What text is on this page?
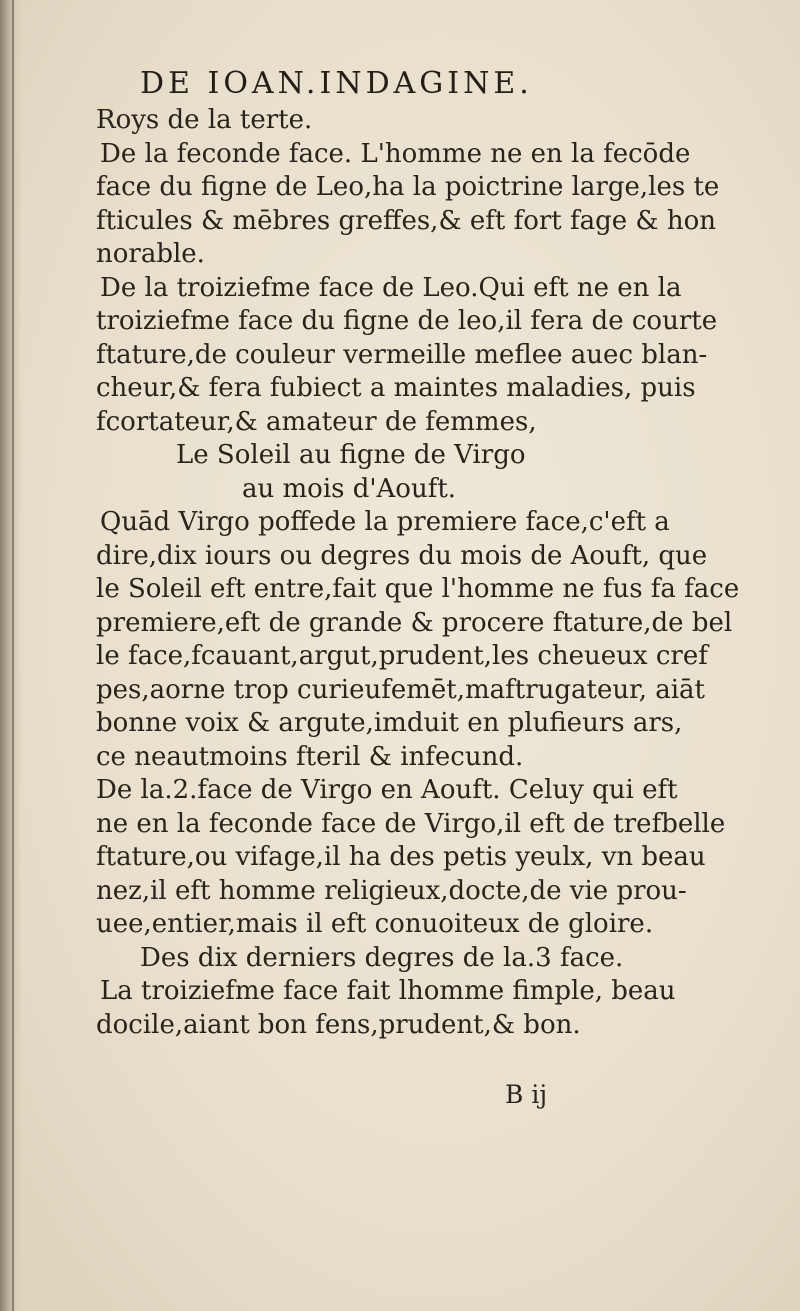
DE IOAN.INDAGINE.
Roys de la terte.
De la feconde face. L'homme ne en la fecōde
face du figne de Leo,ha la poictrine large,les te
fticules & mēbres greffes,& eft fort fage & hon
norable.
De la troiziefme face de Leo.Qui eft ne en la
troiziefme face du figne de leo,il fera de courte
ftature,de couleur vermeille meflee auec blan-
cheur,& fera fubiect a maintes maladies, puis
fcortateur,& amateur de femmes,
Le Soleil au figne de Virgo
au mois d'Aouft.
Quād Virgo poffede la premiere face,c'eft a
dire,dix iours ou degres du mois de Aouft, que
le Soleil eft entre,fait que l'homme ne fus fa face
premiere,eft de grande & procere ftature,de bel
le face,fcauant,argut,prudent,les cheueux cref
pes,aorne trop curieufemēt,maftrugateur, aiāt
bonne voix & argute,imduit en plufieurs ars,
ce neautmoins fteril & infecund.
De la.2.face de Virgo en Aouft. Celuy qui eft
ne en la feconde face de Virgo,il eft de trefbelle
ftature,ou vifage,il ha des petis yeulx, vn beau
nez,il eft homme religieux,docte,de vie prou-
uee,entier,mais il eft conuoiteux de gloire.
Des dix derniers degres de la.3 face.
La troiziefme face fait lhomme fimple, beau
docile,aiant bon fens,prudent,& bon.
B ij
